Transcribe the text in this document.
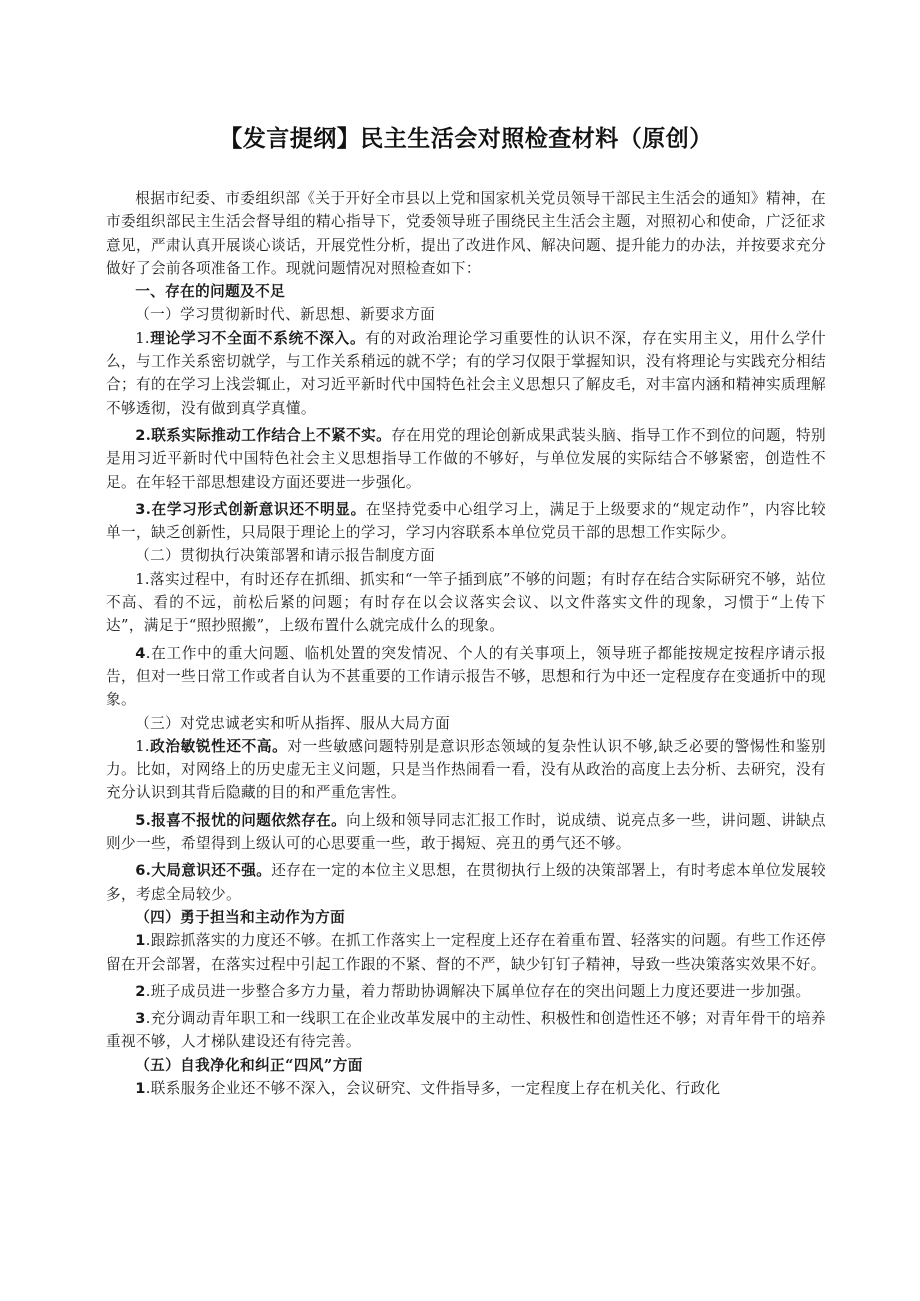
【发言提纲】民主生活会对照检查材料（原创）

根据市纪委、市委组织部《关于开好全市县以上党和国家机关党员领导干部民主生活会的通知》精神，在市委组织部民主生活会督导组的精心指导下，党委领导班子围绕民主生活会主题，对照初心和使命，广泛征求意见，严肃认真开展谈心谈话，开展党性分析，提出了改进作风、解决问题、提升能力的办法，并按要求充分做好了会前各项准备工作。现就问题情况对照检查如下：

一、存在的问题及不足

（一）学习贯彻新时代、新思想、新要求方面

1.理论学习不全面不系统不深入。有的对政治理论学习重要性的认识不深，存在实用主义，用什么学什么，与工作关系密切就学，与工作关系稍远的就不学；有的学习仅限于掌握知识，没有将理论与实践充分相结合；有的在学习上浅尝辄止，对习近平新时代中国特色社会主义思想只了解皮毛，对丰富内涵和精神实质理解不够透彻，没有做到真学真懂。

2.联系实际推动工作结合上不紧不实。存在用党的理论创新成果武装头脑、指导工作不到位的问题，特别是用习近平新时代中国特色社会主义思想指导工作做的不够好，与单位发展的实际结合不够紧密，创造性不足。在年轻干部思想建设方面还要进一步强化。

3.在学习形式创新意识还不明显。在坚持党委中心组学习上，满足于上级要求的“规定动作”，内容比较单一，缺乏创新性，只局限于理论上的学习，学习内容联系本单位党员干部的思想工作实际少。

（二）贯彻执行决策部署和请示报告制度方面

1.落实过程中，有时还存在抓细、抓实和“一竿子插到底”不够的问题；有时存在结合实际研究不够，站位不高、看的不远，前松后紧的问题；有时存在以会议落实会议、以文件落实文件的现象，习惯于“上传下达”，满足于“照抄照搬”，上级布置什么就完成什么的现象。

4.在工作中的重大问题、临机处置的突发情况、个人的有关事项上，领导班子都能按规定按程序请示报告，但对一些日常工作或者自认为不甚重要的工作请示报告不够，思想和行为中还一定程度存在变通折中的现象。

（三）对党忠诚老实和听从指挥、服从大局方面

1.政治敏锐性还不高。对一些敏感问题特别是意识形态领域的复杂性认识不够,缺乏必要的警惕性和鉴别力。比如，对网络上的历史虚无主义问题，只是当作热闹看一看，没有从政治的高度上去分析、去研究，没有充分认识到其背后隐藏的目的和严重危害性。

5.报喜不报忧的问题依然存在。向上级和领导同志汇报工作时，说成绩、说亮点多一些，讲问题、讲缺点则少一些，希望得到上级认可的心思要重一些，敢于揭短、亮丑的勇气还不够。

6.大局意识还不强。还存在一定的本位主义思想，在贯彻执行上级的决策部署上，有时考虑本单位发展较多，考虑全局较少。

（四）勇于担当和主动作为方面

1.跟踪抓落实的力度还不够。在抓工作落实上一定程度上还存在着重布置、轻落实的问题。有些工作还停留在开会部署，在落实过程中引起工作跟的不紧、督的不严，缺少钉钉子精神，导致一些决策落实效果不好。

2.班子成员进一步整合多方力量，着力帮助协调解决下属单位存在的突出问题上力度还要进一步加强。

3.充分调动青年职工和一线职工在企业改革发展中的主动性、积极性和创造性还不够；对青年骨干的培养重视不够，人才梯队建设还有待完善。

（五）自我净化和纠正“四风”方面

1.联系服务企业还不够不深入，会议研究、文件指导多，一定程度上存在机关化、行政化
